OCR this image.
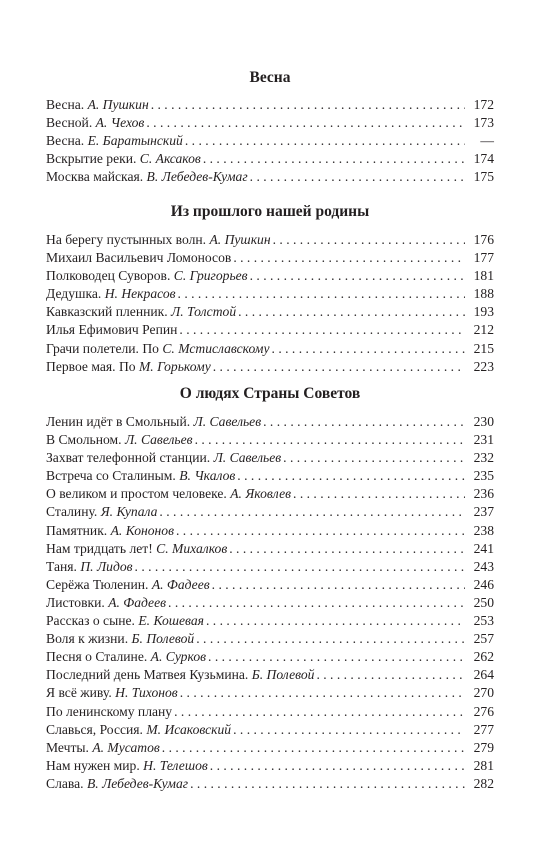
Весна
Весна. А. Пушкин . . .	172
Весной. А. Чехов . . .	173
Весна. Е. Баратынский . . .	—
Вскрытие реки. С. Аксаков . . .	174
Москва майская. В. Лебедев-Кумаг . . .	175
Из прошлого нашей родины
На берегу пустынных волн. А. Пушкин . . .	176
Михаил Васильевич Ломоносов . . .	177
Полководец Суворов. С. Григорьев . . .	181
Дедушка. Н. Некрасов . . .	188
Кавказский пленник. Л. Толстой . . .	193
Илья Ефимович Репин . . .	212
Грачи полетели. По С. Мстиславскому . . .	215
Первое мая. По М. Горькому . . .	223
О людях Страны Советов
Ленин идёт в Смольный. Л. Савельев . . .	230
В Смольном. Л. Савельев . . .	231
Захват телефонной станции. Л. Савельев . . .	232
Встреча со Сталиным. В. Чкалов . . .	235
О великом и простом человеке. А. Яковлев . . .	236
Сталину. Я. Купала . . .	237
Памятник. А. Кононов . . .	238
Нам тридцать лет! С. Михалков . . .	241
Таня. П. Лидов . . .	243
Серёжа Тюленин. А. Фадеев . . .	246
Листовки. А. Фадеев . . .	250
Рассказ о сыне. Е. Кошевая . . .	253
Воля к жизни. Б. Полевой . . .	257
Песня о Сталине. А. Сурков . . .	262
Последний день Матвея Кузьмина. Б. Полевой . . .	264
Я всё живу. Н. Тихонов . . .	270
По ленинскому плану . . .	276
Славься, Россия. М. Исаковский . . .	277
Мечты. А. Мусатов . . .	279
Нам нужен мир. Н. Телешов . . .	281
Слава. В. Лебедев-Кумаг . . .	282
